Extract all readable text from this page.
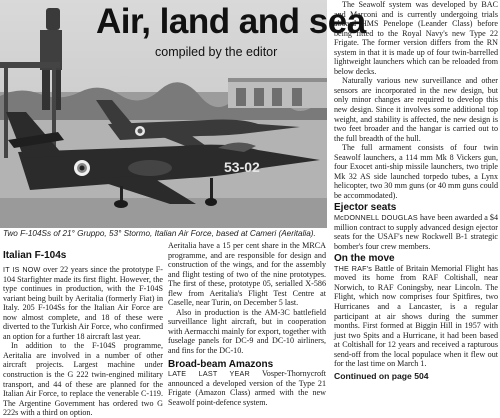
53-02
Air, land and sea
compiled by the editor
Two F-104Ss of 21° Gruppo, 53° Stormo, Italian Air Force, based at Cameri (Aeritalia).
Italian F-104s

IT IS NOW over 22 years since the prototype F-104 Starfighter made its first flight. However, the type continues in production, with the F-104S variant being built by Aeritalia (formerly Fiat) in Italy. 205 F-104Ss for the Italian Air Force are now almost complete, and 18 of these were diverted to the Turkish Air Force, who confirmed an option for a further 18 aircraft last year.

In addition to the F-104S programme, Aeritalia are involved in a number of other aircraft projects. Largest machine under construction is the G 222 twin-engined military transport, and 44 of these are planned for the Italian Air Force, to replace the venerable C-119. The Argentine Government has ordered two G 222s with a third on option.

Aeritalia have a 15 per cent share in the MRCA programme, and are responsible for design and construction of the wings, and for the assembly and flight testing of two of the nine prototypes. The first of these, prototype 05, serialled X-586 flew from Aeritalia's Flight Test Centre at Caselle, near Turin, on December 5 last.

Also in production is the AM-3C battlefield surveillance light aircraft, but in cooperation with Aermacchi mainly for export, together with fuselage panels for DC-9 and DC-10 airliners, and fins for the DC-10.

Broad-beam Amazons

LATE LAST YEAR Vosper-Thornycroft announced a developed version of the Type 21 Frigate (Amazon Class) armed with the new Seawolf point-defence system.

The Seawolf system was developed by BAC and Marconi and is currently undergoing trials aboard HMS Penelope (Leander Class) before being fitted to the Royal Navy's new Type 22 Frigate. The former version differs from the RN system in that it is made up of four twin-barrelled lightweight launchers which can be reloaded from below decks.

Naturally various new surveillance and other sensors are incorporated in the new design, but only minor changes are required to develop this new design. Since it involves some additional top weight, and stability is affected, the new design is two feet broader and the hangar is carried out to the full breadth of the hull.

The full armament consists of four twin Seawolf launchers, a 114 mm Mk 8 Vickers gun, four Exocet anti-ship missile launchers, two triple Mk 32 AS side launched torpedo tubes, a Lynx helicopter, two 30 mm guns (or 40 mm guns could be accommodated).

Ejector seats

McDONNELL DOUGLAS have been awarded a $4 million contract to supply advanced design ejector seats for the USAF's new Rockwell B-1 strategic bomber's four crew members.

On the move

THE RAF's Battle of Britain Memorial Flight has moved its home from RAF Coltishall, near Norwich, to RAF Coningsby, near Lincoln. The Flight, which now comprises four Spitfires, two Hurricanes and a Lancaster, is a regular participant at air shows during the summer months. First formed at Biggin Hill in 1957 with just two Spits and a Hurricane, it had been based at Coltishall for 12 years and received a rapturous send-off from the local populace when it flew out for the last time on March 1.

Continued on page 504
